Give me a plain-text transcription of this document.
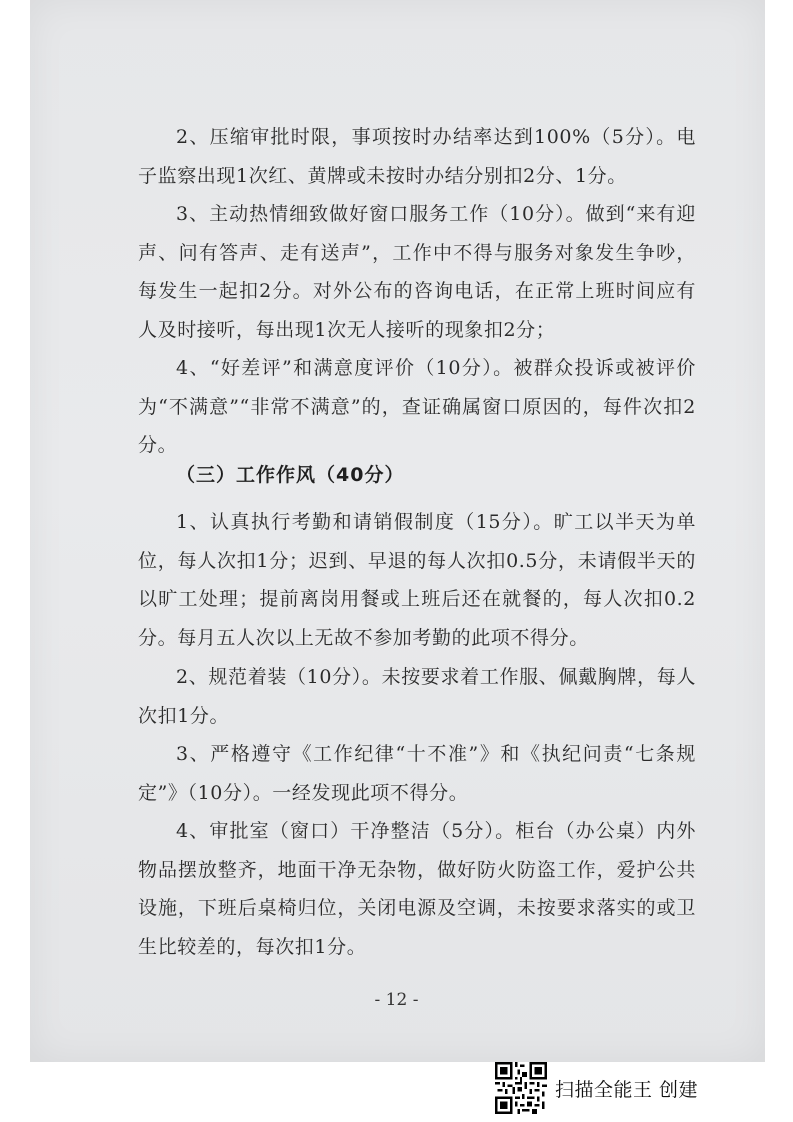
2、压缩审批时限，事项按时办结率达到100%（5分）。电子监察出现1次红、黄牌或未按时办结分别扣2分、1分。

3、主动热情细致做好窗口服务工作（10分）。做到“来有迎声、问有答声、走有送声”，工作中不得与服务对象发生争吵，每发生一起扣2分。对外公布的咨询电话，在正常上班时间应有人及时接听，每出现1次无人接听的现象扣2分；

4、“好差评”和满意度评价（10分）。被群众投诉或被评价为“不满意”“非常不满意”的，查证确属窗口原因的，每件次扣2分。

（三）工作作风（40分）

1、认真执行考勤和请销假制度（15分）。旷工以半天为单位，每人次扣1分；迟到、早退的每人次扣0.5分，未请假半天的以旷工处理；提前离岗用餐或上班后还在就餐的，每人次扣0.2分。每月五人次以上无故不参加考勤的此项不得分。

2、规范着装（10分）。未按要求着工作服、佩戴胸牌，每人次扣1分。

3、严格遵守《工作纪律“十不准”》和《执纪问责“七条规定”》（10分）。一经发现此项不得分。

4、审批室（窗口）干净整洁（5分）。柜台（办公桌）内外物品摆放整齐，地面干净无杂物，做好防火防盗工作，爱护公共设施，下班后桌椅归位，关闭电源及空调，未按要求落实的或卫生比较差的，每次扣1分。

- 12 -
扫描全能王 创建
